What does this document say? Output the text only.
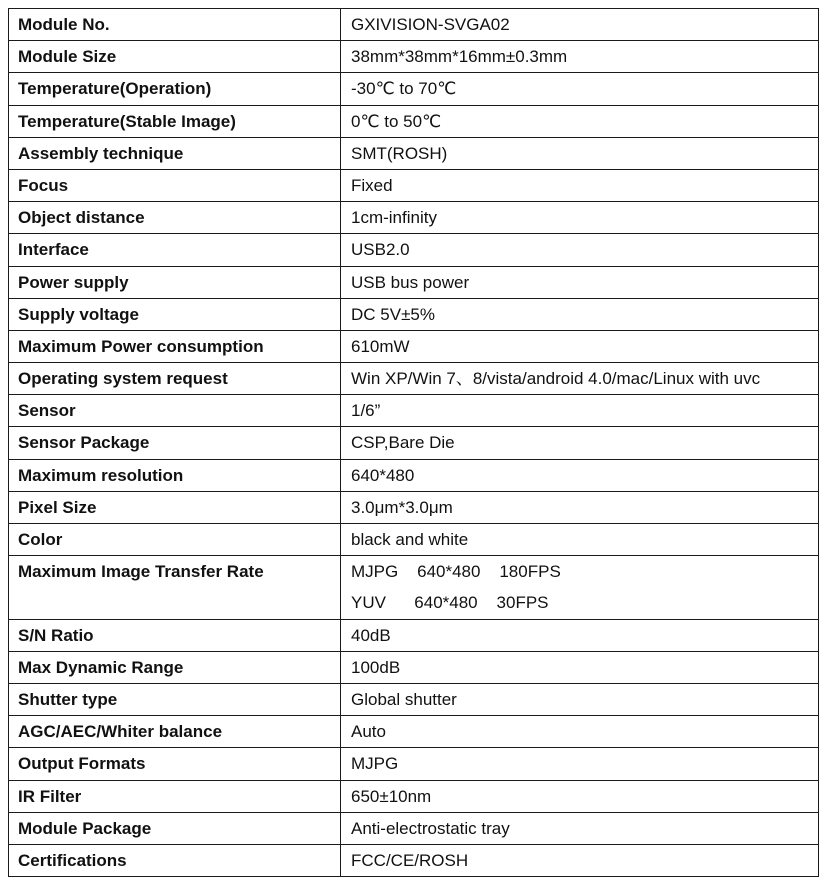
Module No.	GXIVISION-SVGA02
Module Size	38mm*38mm*16mm±0.3mm
Temperature(Operation)	-30℃ to 70℃
Temperature(Stable Image)	0℃ to 50℃
Assembly technique	SMT(ROSH)
Focus	Fixed
Object distance	1cm-infinity
Interface	USB2.0
Power supply	USB bus power
Supply voltage	DC 5V±5%
Maximum Power consumption	610mW
Operating system request	Win XP/Win 7、8/vista/android 4.0/mac/Linux with uvc
Sensor	1/6”
Sensor Package	CSP,Bare Die
Maximum resolution	640*480
Pixel Size	3.0μm*3.0μm
Color	black and white
Maximum Image Transfer Rate	MJPG    640*480    180FPS
YUV      640*480    30FPS

S/N Ratio	40dB
Max Dynamic Range	100dB
Shutter type	Global shutter
AGC/AEC/Whiter balance	Auto
Output Formats	MJPG
IR Filter	650±10nm
Module Package	Anti-electrostatic tray
Certifications	FCC/CE/ROSH
